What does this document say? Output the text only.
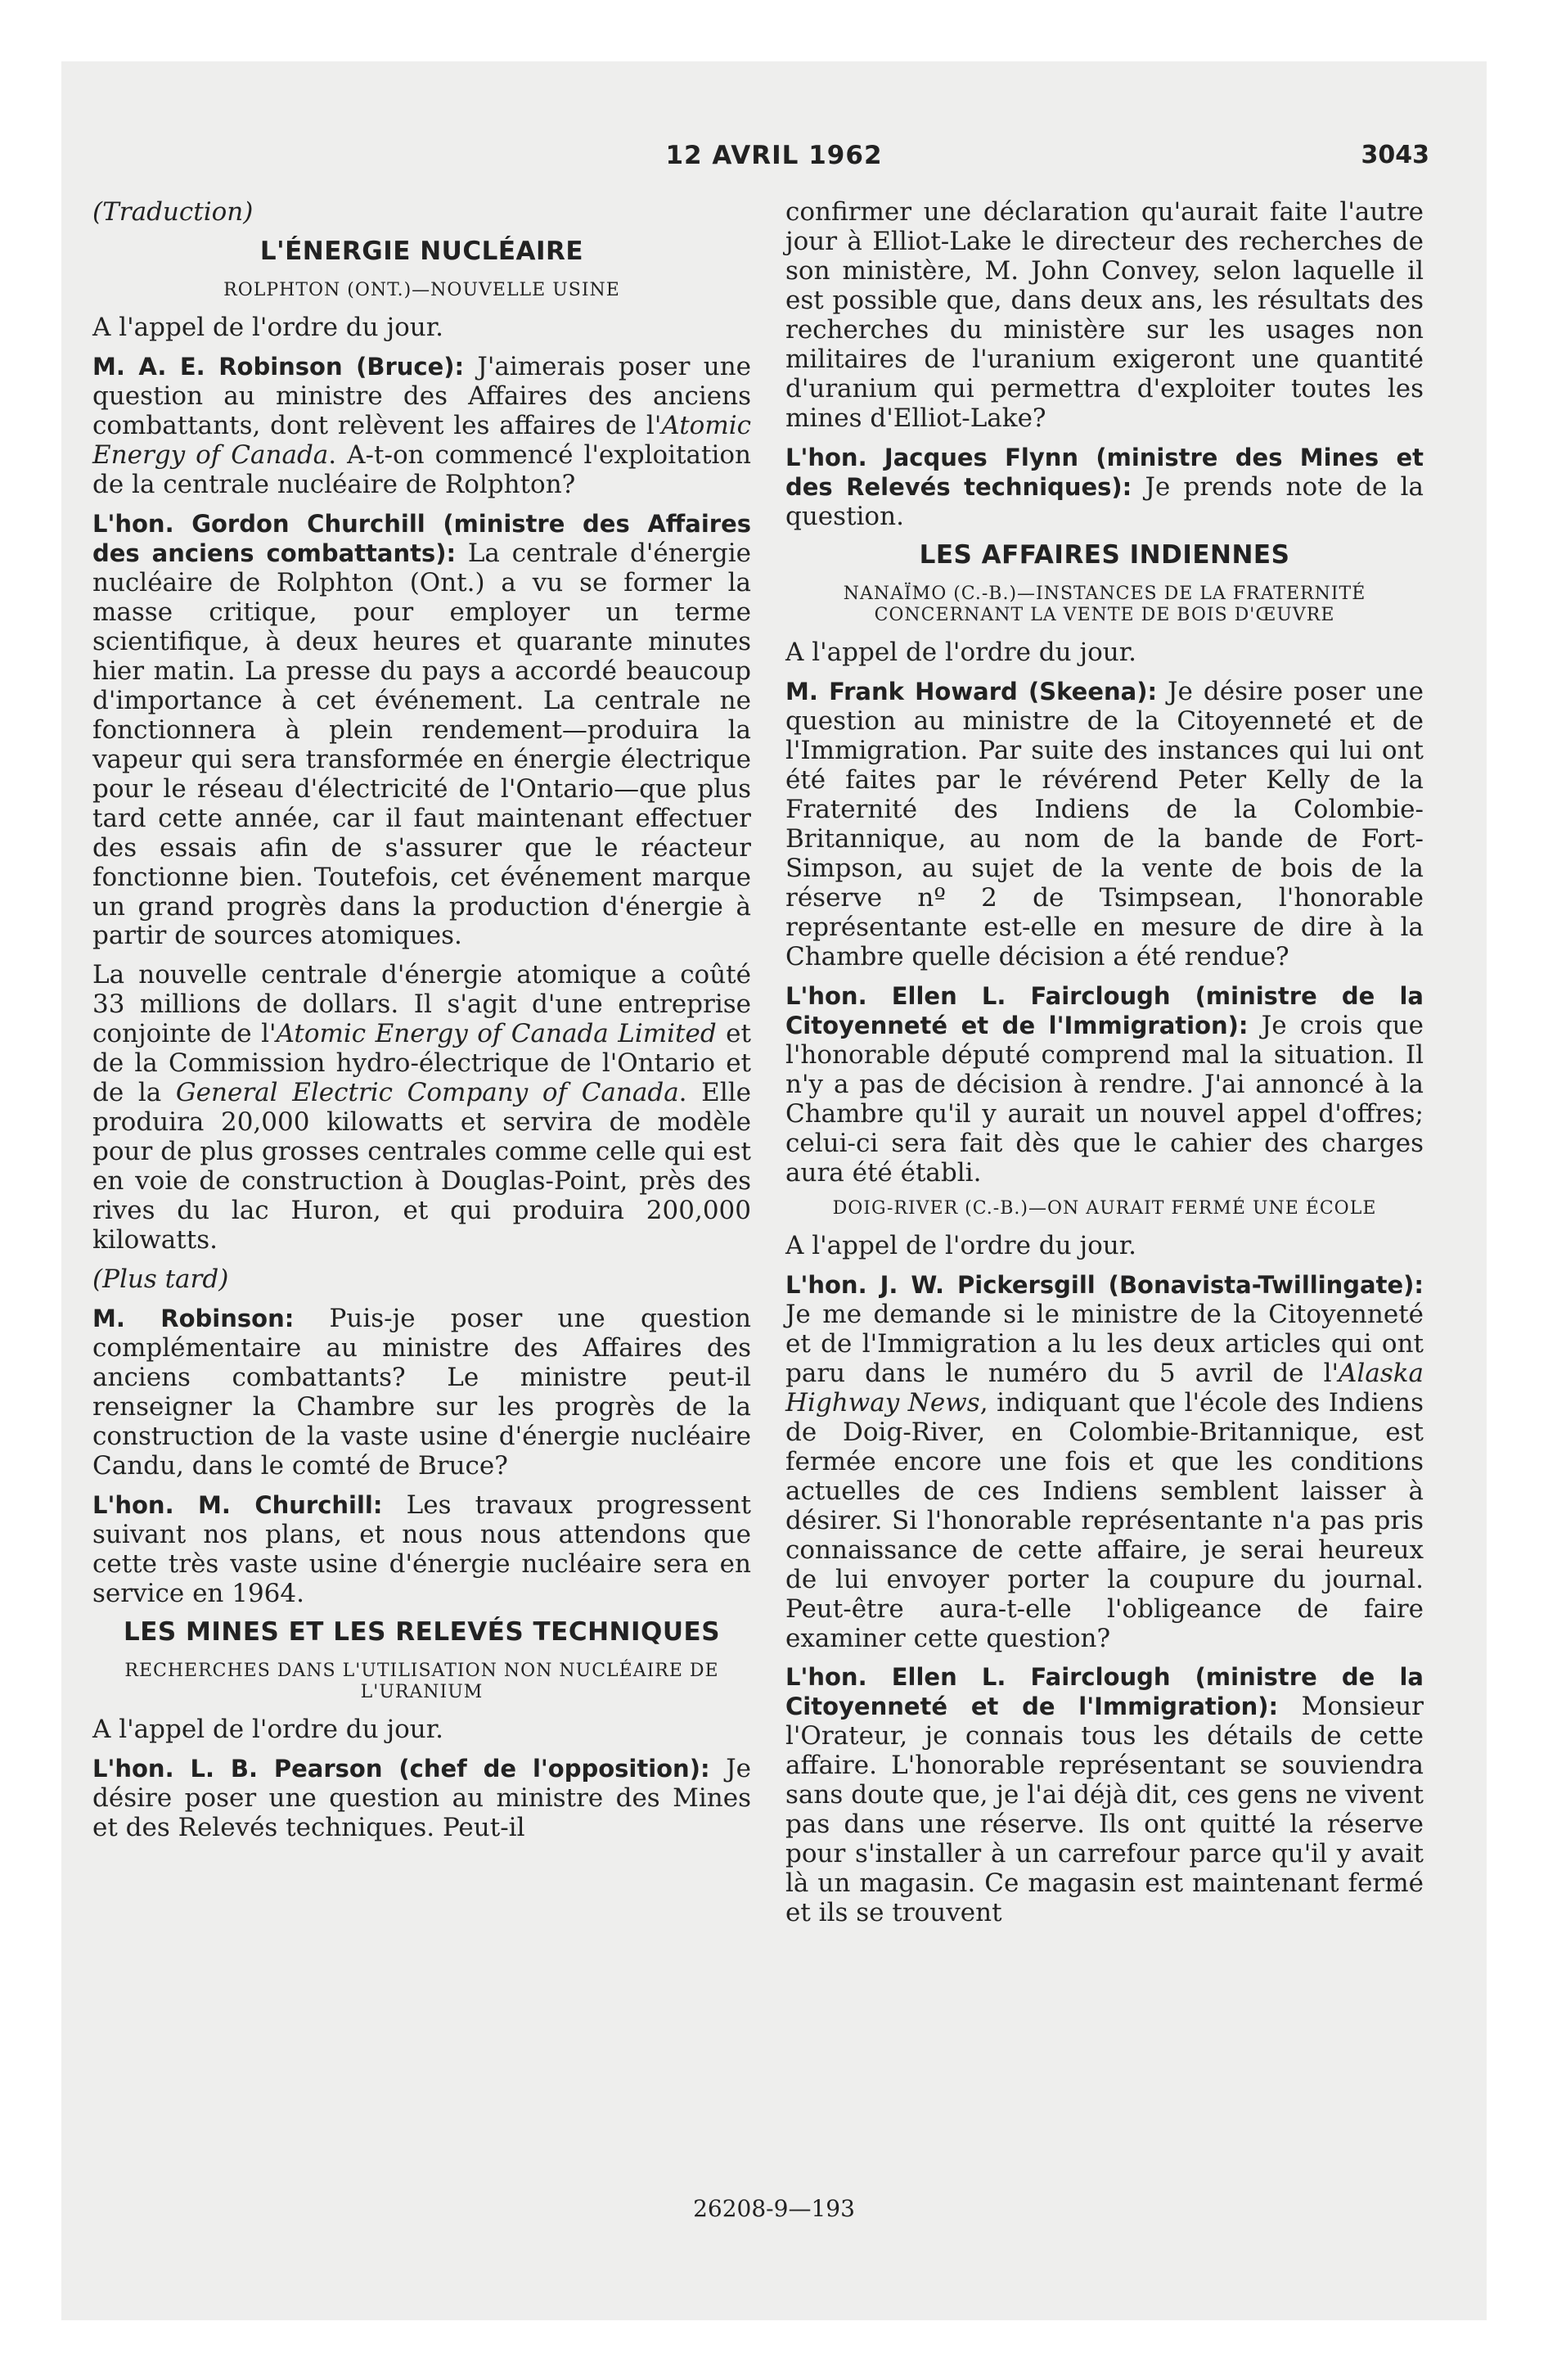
12 AVRIL 1962	3043

(Traduction)

L'ÉNERGIE NUCLÉAIRE
ROLPHTON (ONT.)—NOUVELLE USINE

A l'appel de l'ordre du jour.

M. A. E. Robinson (Bruce): J'aimerais poser une question au ministre des Affaires des anciens combattants, dont relèvent les affaires de l'Atomic Energy of Canada. A-t-on commencé l'exploitation de la centrale nucléaire de Rolphton?

L'hon. Gordon Churchill (ministre des Affaires des anciens combattants): La centrale d'énergie nucléaire de Rolphton (Ont.) a vu se former la masse critique, pour employer un terme scientifique, à deux heures et quarante minutes hier matin. La presse du pays a accordé beaucoup d'importance à cet événement. La centrale ne fonctionnera à plein rendement—produira la vapeur qui sera transformée en énergie électrique pour le réseau d'électricité de l'Ontario—que plus tard cette année, car il faut maintenant effectuer des essais afin de s'assurer que le réacteur fonctionne bien. Toutefois, cet événement marque un grand progrès dans la production d'énergie à partir de sources atomiques.

La nouvelle centrale d'énergie atomique a coûté 33 millions de dollars. Il s'agit d'une entreprise conjointe de l'Atomic Energy of Canada Limited et de la Commission hydro-électrique de l'Ontario et de la General Electric Company of Canada. Elle produira 20,000 kilowatts et servira de modèle pour de plus grosses centrales comme celle qui est en voie de construction à Douglas-Point, près des rives du lac Huron, et qui produira 200,000 kilowatts.

(Plus tard)

M. Robinson: Puis-je poser une question complémentaire au ministre des Affaires des anciens combattants? Le ministre peut-il renseigner la Chambre sur les progrès de la construction de la vaste usine d'énergie nucléaire Candu, dans le comté de Bruce?

L'hon. M. Churchill: Les travaux progressent suivant nos plans, et nous nous attendons que cette très vaste usine d'énergie nucléaire sera en service en 1964.

LES MINES ET LES RELEVÉS TECHNIQUES
RECHERCHES DANS L'UTILISATION NON NUCLÉAIRE DE L'URANIUM

A l'appel de l'ordre du jour.

L'hon. L. B. Pearson (chef de l'opposition): Je désire poser une question au ministre des Mines et des Relevés techniques. Peut-il

confirmer une déclaration qu'aurait faite l'autre jour à Elliot-Lake le directeur des recherches de son ministère, M. John Convey, selon laquelle il est possible que, dans deux ans, les résultats des recherches du ministère sur les usages non militaires de l'uranium exigeront une quantité d'uranium qui permettra d'exploiter toutes les mines d'Elliot-Lake?

L'hon. Jacques Flynn (ministre des Mines et des Relevés techniques): Je prends note de la question.

LES AFFAIRES INDIENNES
NANAÏMO (C.-B.)—INSTANCES DE LA FRATERNITÉ CONCERNANT LA VENTE DE BOIS D'ŒUVRE

A l'appel de l'ordre du jour.

M. Frank Howard (Skeena): Je désire poser une question au ministre de la Citoyenneté et de l'Immigration. Par suite des instances qui lui ont été faites par le révérend Peter Kelly de la Fraternité des Indiens de la Colombie-Britannique, au nom de la bande de Fort-Simpson, au sujet de la vente de bois de la réserve nº 2 de Tsimpsean, l'honorable représentante est-elle en mesure de dire à la Chambre quelle décision a été rendue?

L'hon. Ellen L. Fairclough (ministre de la Citoyenneté et de l'Immigration): Je crois que l'honorable député comprend mal la situation. Il n'y a pas de décision à rendre. J'ai annoncé à la Chambre qu'il y aurait un nouvel appel d'offres; celui-ci sera fait dès que le cahier des charges aura été établi.

DOIG-RIVER (C.-B.)—ON AURAIT FERMÉ UNE ÉCOLE

A l'appel de l'ordre du jour.

L'hon. J. W. Pickersgill (Bonavista-Twillingate): Je me demande si le ministre de la Citoyenneté et de l'Immigration a lu les deux articles qui ont paru dans le numéro du 5 avril de l'Alaska Highway News, indiquant que l'école des Indiens de Doig-River, en Colombie-Britannique, est fermée encore une fois et que les conditions actuelles de ces Indiens semblent laisser à désirer. Si l'honorable représentante n'a pas pris connaissance de cette affaire, je serai heureux de lui envoyer porter la coupure du journal. Peut-être aura-t-elle l'obligeance de faire examiner cette question?

L'hon. Ellen L. Fairclough (ministre de la Citoyenneté et de l'Immigration): Monsieur l'Orateur, je connais tous les détails de cette affaire. L'honorable représentant se souviendra sans doute que, je l'ai déjà dit, ces gens ne vivent pas dans une réserve. Ils ont quitté la réserve pour s'installer à un carrefour parce qu'il y avait là un magasin. Ce magasin est maintenant fermé et ils se trouvent

26208-9—193
